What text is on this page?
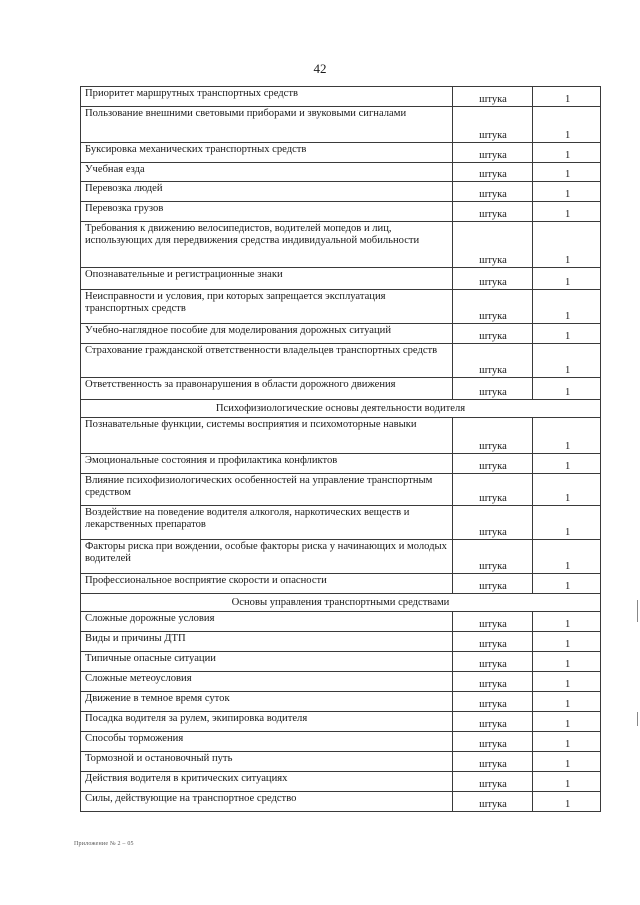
42
Приоритет маршрутных транспортных средств	штука	1
Пользование внешними световыми приборами и звуковыми сигналами	штука	1
Буксировка механических транспортных средств	штука	1
Учебная езда	штука	1
Перевозка людей	штука	1
Перевозка грузов	штука	1
Требования к движению велосипедистов, водителей мопедов и лиц, использующих для передвижения средства индивидуальной мобильности	штука	1
Опознавательные и регистрационные знаки	штука	1
Неисправности и условия, при которых запрещается эксплуатация транспортных средств	штука	1
Учебно-наглядное пособие для моделирования дорожных ситуаций	штука	1
Страхование гражданской ответственности владельцев транспортных средств	штука	1
Ответственность за правонарушения в области дорожного движения	штука	1
Психофизиологические основы деятельности водителя		
Познавательные функции, системы восприятия и психомоторные навыки	штука	1
Эмоциональные состояния и профилактика конфликтов	штука	1
Влияние психофизиологических особенностей на управление транспортным средством	штука	1
Воздействие на поведение водителя алкоголя, наркотических веществ и лекарственных препаратов	штука	1
Факторы риска при вождении, особые факторы риска у начинающих и молодых водителей	штука	1
Профессиональное восприятие скорости и опасности	штука	1
Основы управления транспортными средствами		
Сложные дорожные условия	штука	1
Виды и причины ДТП	штука	1
Типичные опасные ситуации	штука	1
Сложные метеоусловия	штука	1
Движение в темное время суток	штука	1
Посадка водителя за рулем, экипировка водителя	штука	1
Способы торможения	штука	1
Тормозной и остановочный путь	штука	1
Действия водителя в критических ситуациях	штука	1
Силы, действующие на транспортное средство	штука	1
Приложение № 2 – 05
